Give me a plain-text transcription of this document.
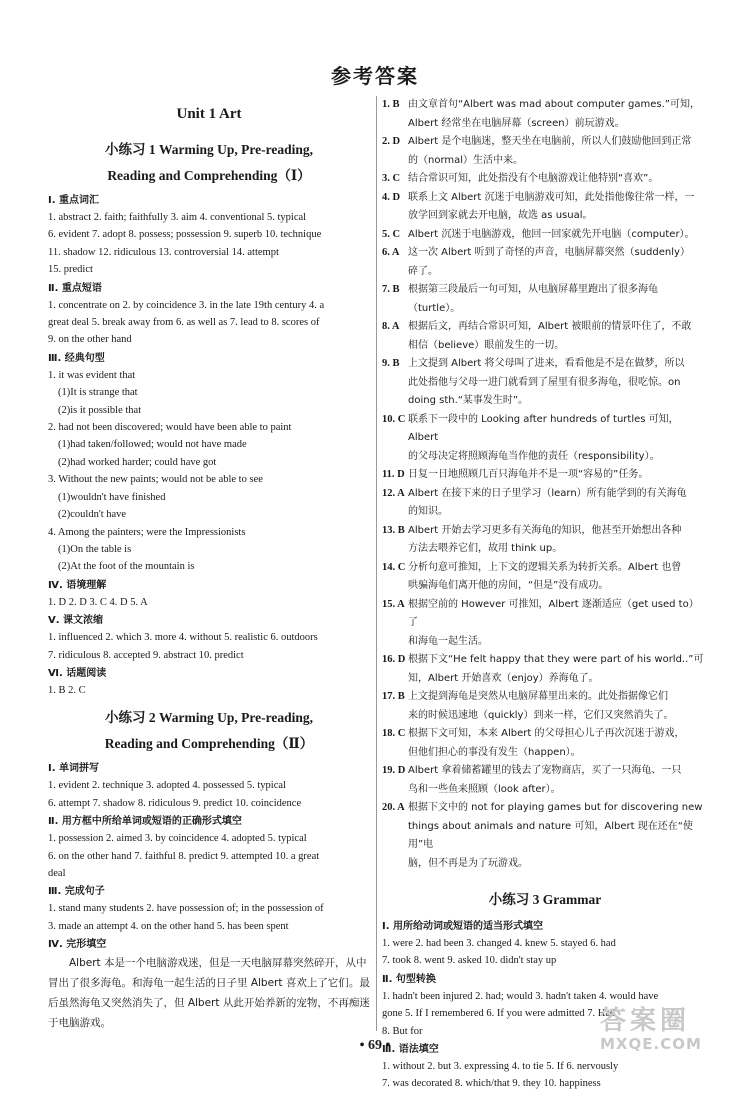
参考答案
Unit 1 Art
小练习 1 Warming Up, Pre-reading,
Reading and Comprehending（Ⅰ）
Ⅰ. 重点词汇
1. abstract 2. faith; faithfully 3. aim 4. conventional 5. typical
6. evident 7. adopt 8. possess; possession 9. superb 10. technique
11. shadow 12. ridiculous 13. controversial 14. attempt
15. predict
Ⅱ. 重点短语
1. concentrate on 2. by coincidence 3. in the late 19th century 4. a
great deal 5. break away from 6. as well as 7. lead to 8. scores of
9. on the other hand
Ⅲ. 经典句型
1. it was evident that
(1)It is strange that
(2)is it possible that
2. had not been discovered; would have been able to paint
(1)had taken/followed; would not have made
(2)had worked harder; could have got
3. Without the new paints; would not be able to see
(1)wouldn't have finished
(2)couldn't have
4. Among the painters; were the Impressionists
(1)On the table is
(2)At the foot of the mountain is
Ⅳ. 语境理解
1. D 2. D 3. C 4. D 5. A
Ⅴ. 课文浓缩
1. influenced 2. which 3. more 4. without 5. realistic 6. outdoors
7. ridiculous 8. accepted 9. abstract 10. predict
Ⅵ. 话题阅读
1. B 2. C
小练习 2 Warming Up, Pre-reading,
Reading and Comprehending（Ⅱ）
Ⅰ. 单词拼写
1. evident 2. technique 3. adopted 4. possessed 5. typical
6. attempt 7. shadow 8. ridiculous 9. predict 10. coincidence
Ⅱ. 用方框中所给单词或短语的正确形式填空
1. possession 2. aimed 3. by coincidence 4. adopted 5. typical
6. on the other hand 7. faithful 8. predict 9. attempted 10. a great
deal
Ⅲ. 完成句子
1. stand many students 2. have possession of; in the possession of
3. made an attempt 4. on the other hand 5. has been spent
Ⅳ. 完形填空
Albert 本是一个电脑游戏迷，但是一天电脑屏幕突然碎开，从中冒出了很多海龟。和海龟一起生活的日子里 Albert 喜欢上了它们。最后虽然海龟又突然消失了，但 Albert 从此开始养新的宠物，不再痴迷于电脑游戏。
1. B 由文章首句“Albert was mad about computer games.”可知，
Albert 经常坐在电脑屏幕（screen）前玩游戏。
2. D Albert 是个电脑迷，整天坐在电脑前，所以人们鼓励他回到正常
的（normal）生活中来。
3. C 结合常识可知，此处指没有个电脑游戏让他特别“喜欢”。
4. D 联系上文 Albert 沉迷于电脑游戏可知，此处指他像往常一样，一
放学回到家就去开电脑，故选 as usual。
5. C Albert 沉迷于电脑游戏，他回一回家就先开电脑（computer）。
6. A 这一次 Albert 听到了奇怪的声音，电脑屏幕突然（suddenly）
碎了。
7. B 根据第三段最后一句可知，从电脑屏幕里跑出了很多海龟
（turtle）。
8. A 根据后文，再结合常识可知，Albert 被眼前的情景吓住了，不敢
相信（believe）眼前发生的一切。
9. B 上文提到 Albert 将父母叫了进来，看看他是不是在做梦，所以
此处指他与父母一进门就看到了屋里有很多海龟，很吃惊。on
doing sth.“某事发生时”。
10. C 联系下一段中的 Looking after hundreds of turtles 可知，Albert
的父母决定将照顾海龟当作他的责任（responsibility）。
11. D 日复一日地照顾几百只海龟并不是一项“容易的”任务。
12. A Albert 在接下来的日子里学习（learn）所有能学到的有关海龟
的知识。
13. B Albert 开始去学习更多有关海龟的知识，他甚至开始想出各种
方法去喂养它们，故用 think up。
14. C 分析句意可推知，上下文的逻辑关系为转折关系。Albert 也曾
哄骗海龟们离开他的房间，“但是”没有成功。
15. A 根据空前的 However 可推知，Albert 逐渐适应（get used to）了
和海龟一起生活。
16. D 根据下文“He felt happy that they were part of his world..”可
知，Albert 开始喜欢（enjoy）养海龟了。
17. B 上文提到海龟是突然从电脑屏幕里出来的。此处指据像它们
来的时候迅速地（quickly）到来一样，它们又突然消失了。
18. C 根据下文可知，本来 Albert 的父母担心儿子再次沉迷于游戏，
但他们担心的事没有发生（happen）。
19. D Albert 拿着储蓄罐里的钱去了宠物商店，买了一只海龟、一只
鸟和一些鱼来照顾（look after）。
20. A 根据下文中的 not for playing games but for discovering new
things about animals and nature 可知，Albert 现在还在“使用”电
脑，但不再是为了玩游戏。
小练习 3 Grammar
Ⅰ. 用所给动词或短语的适当形式填空
1. were 2. had been 3. changed 4. knew 5. stayed 6. had
7. took 8. went 9. asked 10. didn't stay up
Ⅱ. 句型转换
1. hadn't been injured 2. had; would 3. hadn't taken 4. would have
gone 5. If I remembered 6. If you were admitted 7. Had
8. But for
Ⅲ. 语法填空
1. without 2. but 3. expressing 4. to tie 5. If 6. nervously
7. was decorated 8. which/that 9. they 10. happiness
• 69 •
答案圈
MXQE.COM
